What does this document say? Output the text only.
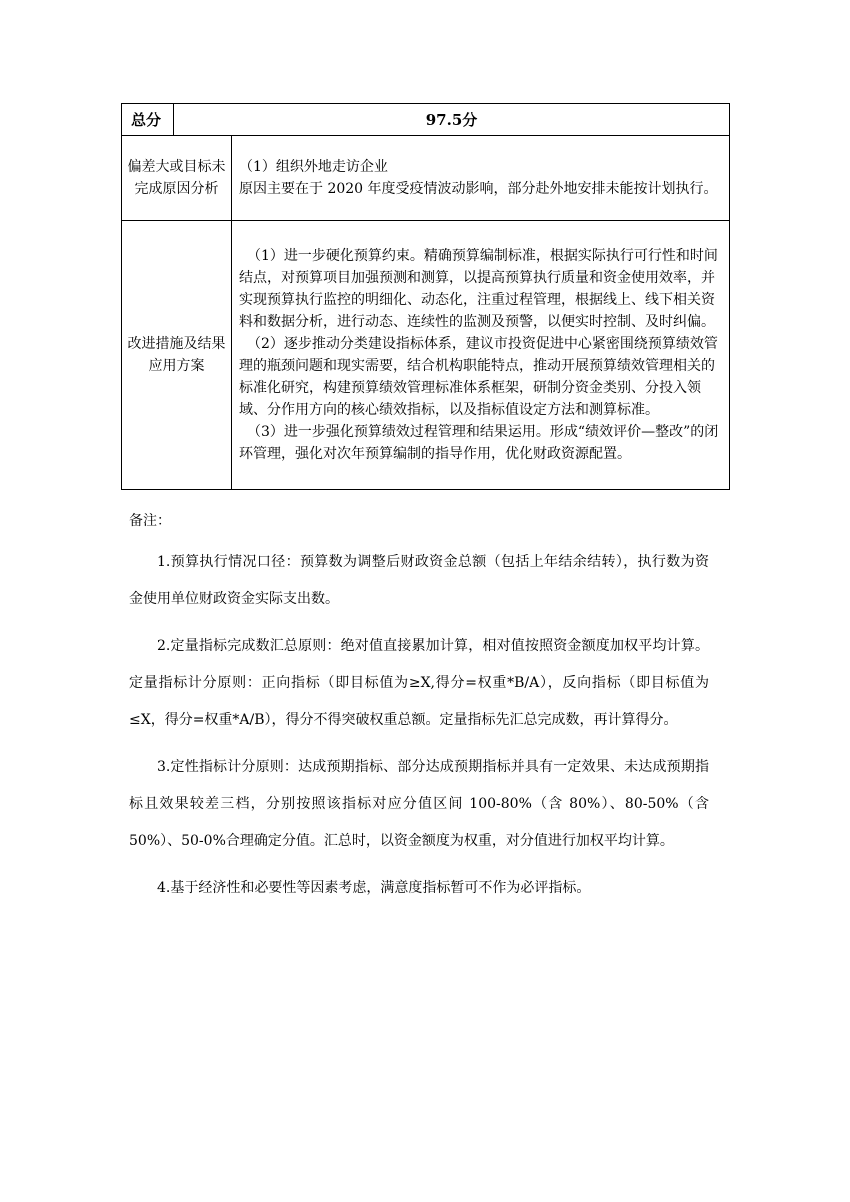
总分	97.5分	
偏差大或目标未完成原因分析		（1）组织外地走访企业

原因主要在于 2020 年度受疫情波动影响，部分赴外地安排未能按计划执行。

改进措施及结果应用方案		（1）进一步硬化预算约束。精确预算编制标准，根据实际执行可行性和时间结点，对预算项目加强预测和测算，以提高预算执行质量和资金使用效率，并实现预算执行监控的明细化、动态化，注重过程管理，根据线上、线下相关资料和数据分析，进行动态、连续性的监测及预警，以便实时控制、及时纠偏。

（2）逐步推动分类建设指标体系，建议市投资促进中心紧密围绕预算绩效管理的瓶颈问题和现实需要，结合机构职能特点，推动开展预算绩效管理相关的标准化研究，构建预算绩效管理标准体系框架，研制分资金类别、分投入领域、分作用方向的核心绩效指标，以及指标值设定方法和测算标准。

（3）进一步强化预算绩效过程管理和结果运用。形成“绩效评价—整改”的闭环管理，强化对次年预算编制的指导作用，优化财政资源配置。

备注：

1.预算执行情况口径：预算数为调整后财政资金总额（包括上年结余结转），执行数为资金使用单位财政资金实际支出数。

2.定量指标完成数汇总原则：绝对值直接累加计算，相对值按照资金额度加权平均计算。定量指标计分原则：正向指标（即目标值为≥X,得分=权重*B/A），反向指标（即目标值为≤X，得分=权重*A/B），得分不得突破权重总额。定量指标先汇总完成数，再计算得分。

3.定性指标计分原则：达成预期指标、部分达成预期指标并具有一定效果、未达成预期指标且效果较差三档，分别按照该指标对应分值区间 100-80%（含 80%）、80-50%（含 50%）、50-0%合理确定分值。汇总时，以资金额度为权重，对分值进行加权平均计算。

4.基于经济性和必要性等因素考虑，满意度指标暂可不作为必评指标。
